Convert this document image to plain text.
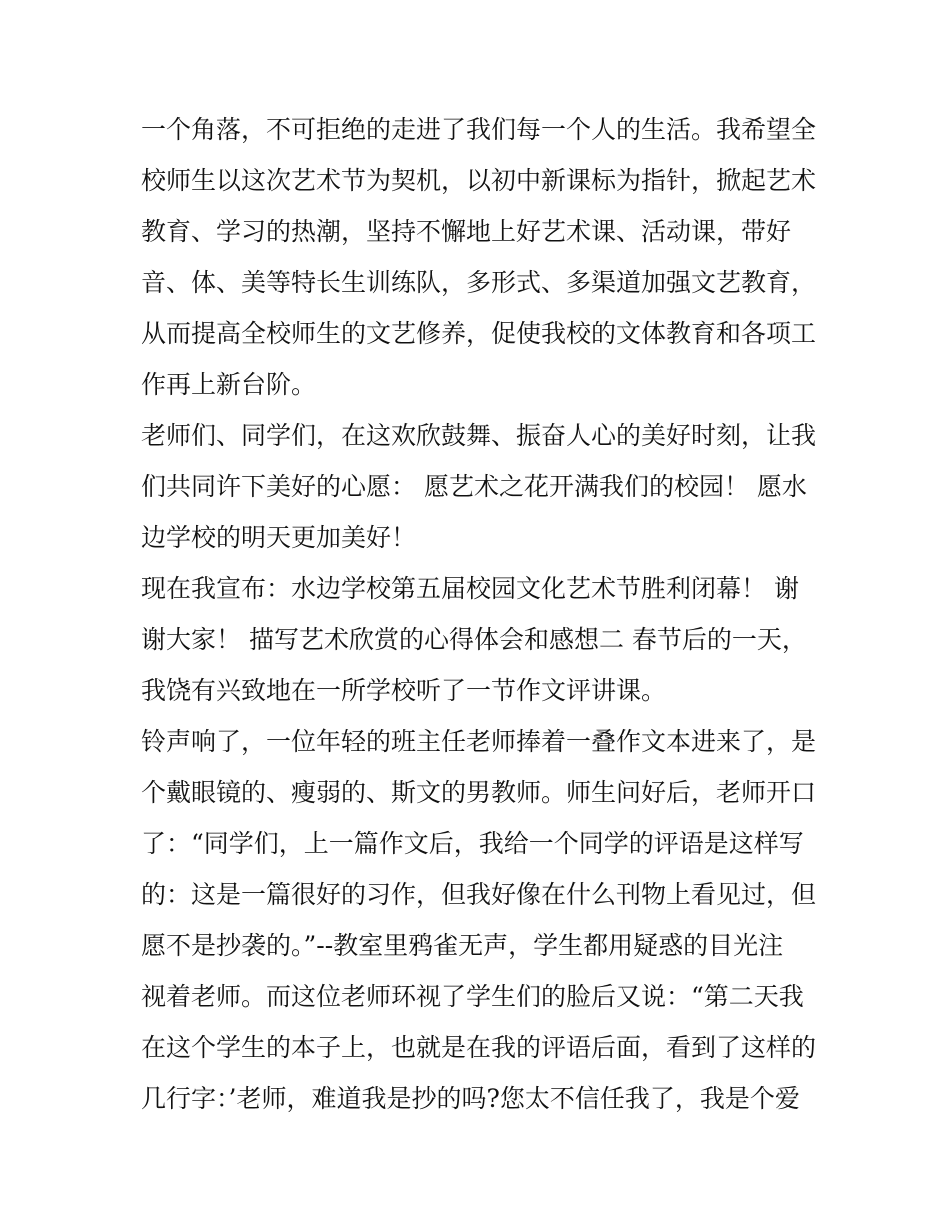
一个角落，不可拒绝的走进了我们每一个人的生活。我希望全
校师生以这次艺术节为契机，以初中新课标为指针，掀起艺术
教育、学习的热潮，坚持不懈地上好艺术课、活动课，带好
音、体、美等特长生训练队，多形式、多渠道加强文艺教育，
从而提高全校师生的文艺修养，促使我校的文体教育和各项工
作再上新台阶。
老师们、同学们，在这欢欣鼓舞、振奋人心的美好时刻，让我
们共同许下美好的心愿： 愿艺术之花开满我们的校园！ 愿水
边学校的明天更加美好！
现在我宣布：水边学校第五届校园文化艺术节胜利闭幕！ 谢
谢大家！ 描写艺术欣赏的心得体会和感想二 春节后的一天，
我饶有兴致地在一所学校听了一节作文评讲课。
铃声响了，一位年轻的班主任老师捧着一叠作文本进来了，是
个戴眼镜的、瘦弱的、斯文的男教师。师生问好后，老师开口
了：“同学们，上一篇作文后，我给一个同学的评语是这样写
的：这是一篇很好的习作，但我好像在什么刊物上看见过，但
愿不是抄袭的。”--教室里鸦雀无声，学生都用疑惑的目光注
视着老师。而这位老师环视了学生们的脸后又说：“第二天我
在这个学生的本子上，也就是在我的评语后面，看到了这样的
几行字：’老师，难道我是抄的吗?您太不信任我了，我是个爱
